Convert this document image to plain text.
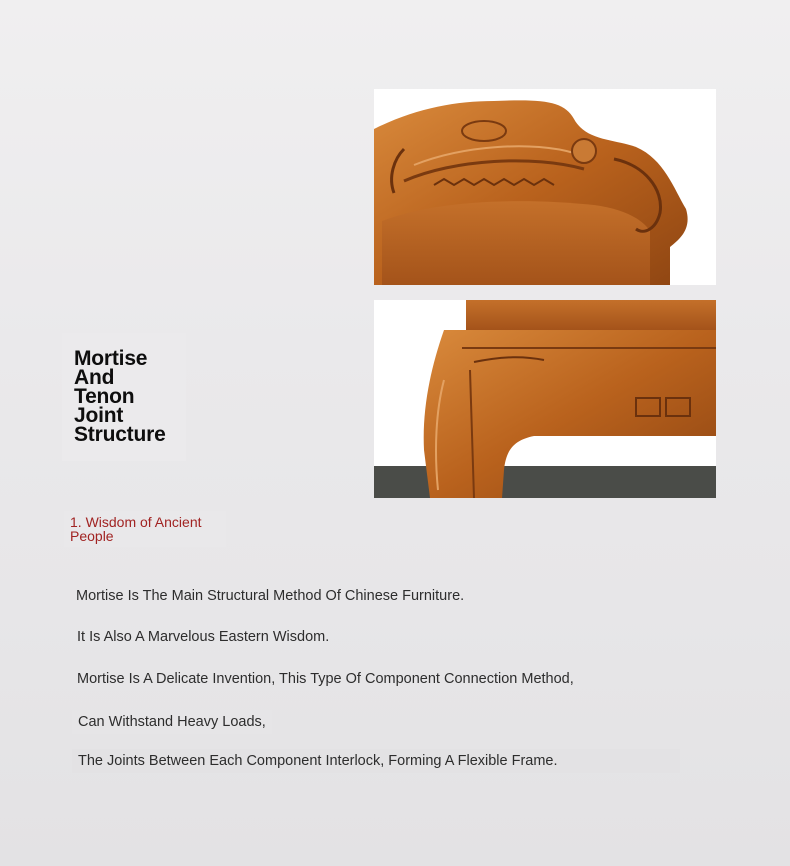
Mortise
And
Tenon
Joint
Structure

1. Wisdom of Ancient People

Mortise Is The Main Structural Method Of Chinese Furniture.

It Is Also A Marvelous Eastern Wisdom.

Mortise Is A Delicate Invention, This Type Of Component Connection Method,

Can Withstand Heavy Loads,

The Joints Between Each Component Interlock, Forming A Flexible Frame.
